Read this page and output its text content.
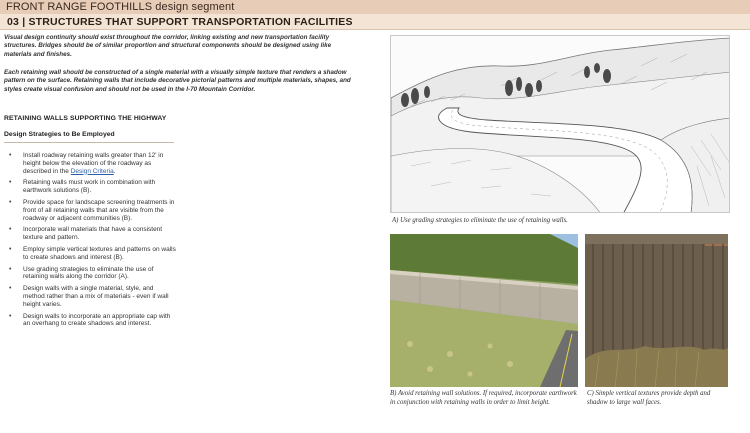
FRONT RANGE FOOTHILLS design segment
03 | STRUCTURES THAT SUPPORT TRANSPORTATION FACILITIES

Visual design continuity should exist throughout the corridor, linking existing and new transportation facility structures. Bridges should be of similar proportion and structural components should be designed using like materials and finishes.

Each retaining wall should be constructed of a single material with a visually simple texture that renders a shadow pattern on the surface. Retaining walls that include decorative pictorial patterns and multiple materials, shapes, and styles create visual confusion and should not be used in the I-70 Mountain Corridor.

RETAINING WALLS SUPPORTING THE HIGHWAY
Design Strategies to Be Employed
• Install roadway retaining walls greater than 12' in height below the elevation of the roadway as described in the Design Criteria.
• Retaining walls must work in combination with earthwork solutions (B).
• Provide space for landscape screening treatments in front of all retaining walls that are visible from the roadway or adjacent communities (B).
• Incorporate wall materials that have a consistent texture and pattern.
• Employ simple vertical textures and patterns on walls to create shadows and interest (B).
• Use grading strategies to eliminate the use of retaining walls along the corridor (A).
• Design walls with a single material, style, and method rather than a mix of materials - even if wall height varies.
• Design walls to incorporate an appropriate cap with an overhang to create shadows and interest.
A) Use grading strategies to eliminate the use of retaining walls.
B) Avoid retaining wall solutions. If required, incorporate earthwork in conjunction with retaining walls in order to limit height.
C) Simple vertical textures provide depth and shadow to large wall faces.
